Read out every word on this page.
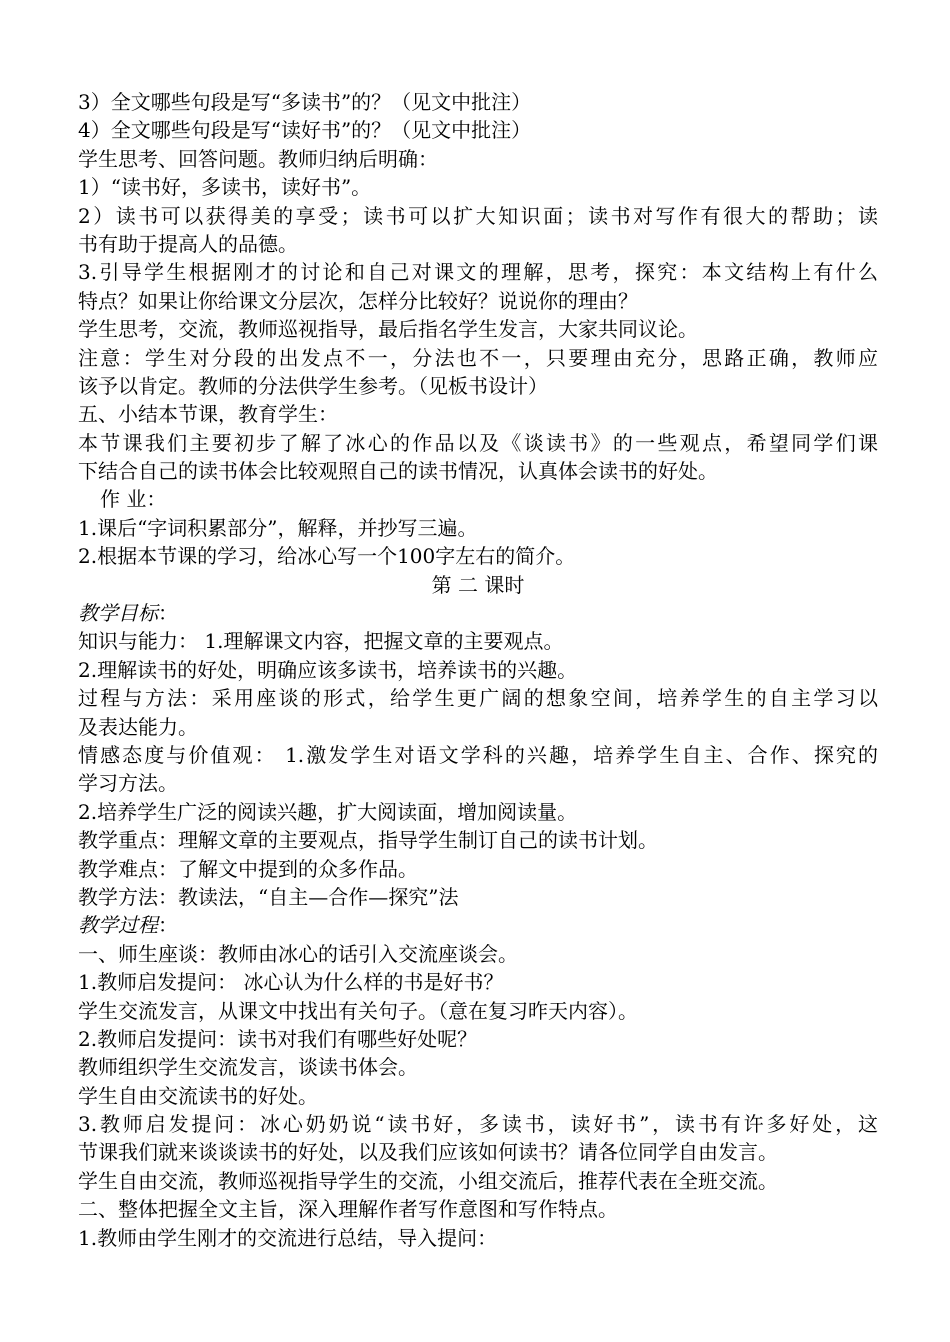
3）全文哪些句段是写“多读书”的？（见文中批注）
4）全文哪些句段是写“读好书”的？（见文中批注）
学生思考、回答问题。教师归纳后明确：
1）“读书好，多读书，读好书”。
2）读书可以获得美的享受；读书可以扩大知识面；读书对写作有很大的帮助；读
书有助于提高人的品德。
3.引导学生根据刚才的讨论和自己对课文的理解，思考，探究：本文结构上有什么
特点？如果让你给课文分层次，怎样分比较好？说说你的理由？
学生思考，交流，教师巡视指导，最后指名学生发言，大家共同议论。
注意：学生对分段的出发点不一，分法也不一，只要理由充分，思路正确，教师应
该予以肯定。教师的分法供学生参考。（见板书设计）
五、小结本节课，教育学生：
本节课我们主要初步了解了冰心的作品以及《谈读书》的一些观点，希望同学们课
下结合自己的读书体会比较观照自己的读书情况，认真体会读书的好处。
作 业：
1.课后“字词积累部分”，解释，并抄写三遍。
2.根据本节课的学习，给冰心写一个100字左右的简介。
第 二 课时
教学目标：
知识与能力： 1.理解课文内容，把握文章的主要观点。
2.理解读书的好处，明确应该多读书，培养读书的兴趣。
过程与方法：采用座谈的形式，给学生更广阔的想象空间，培养学生的自主学习以
及表达能力。
情感态度与价值观： 1.激发学生对语文学科的兴趣，培养学生自主、合作、探究的
学习方法。
2.培养学生广泛的阅读兴趣，扩大阅读面，增加阅读量。
教学重点：理解文章的主要观点，指导学生制订自己的读书计划。
教学难点：了解文中提到的众多作品。
教学方法：教读法，“自主—合作—探究”法
教学过程：
一、师生座谈：教师由冰心的话引入交流座谈会。
1.教师启发提问： 冰心认为什么样的书是好书？
学生交流发言，从课文中找出有关句子。（意在复习昨天内容）。
2.教师启发提问：读书对我们有哪些好处呢？
教师组织学生交流发言，谈读书体会。
学生自由交流读书的好处。
3.教师启发提问：冰心奶奶说“读书好，多读书，读好书”，读书有许多好处，这
节课我们就来谈谈读书的好处，以及我们应该如何读书？请各位同学自由发言。
学生自由交流，教师巡视指导学生的交流，小组交流后，推荐代表在全班交流。
二、整体把握全文主旨，深入理解作者写作意图和写作特点。
1.教师由学生刚才的交流进行总结，导入提问：
